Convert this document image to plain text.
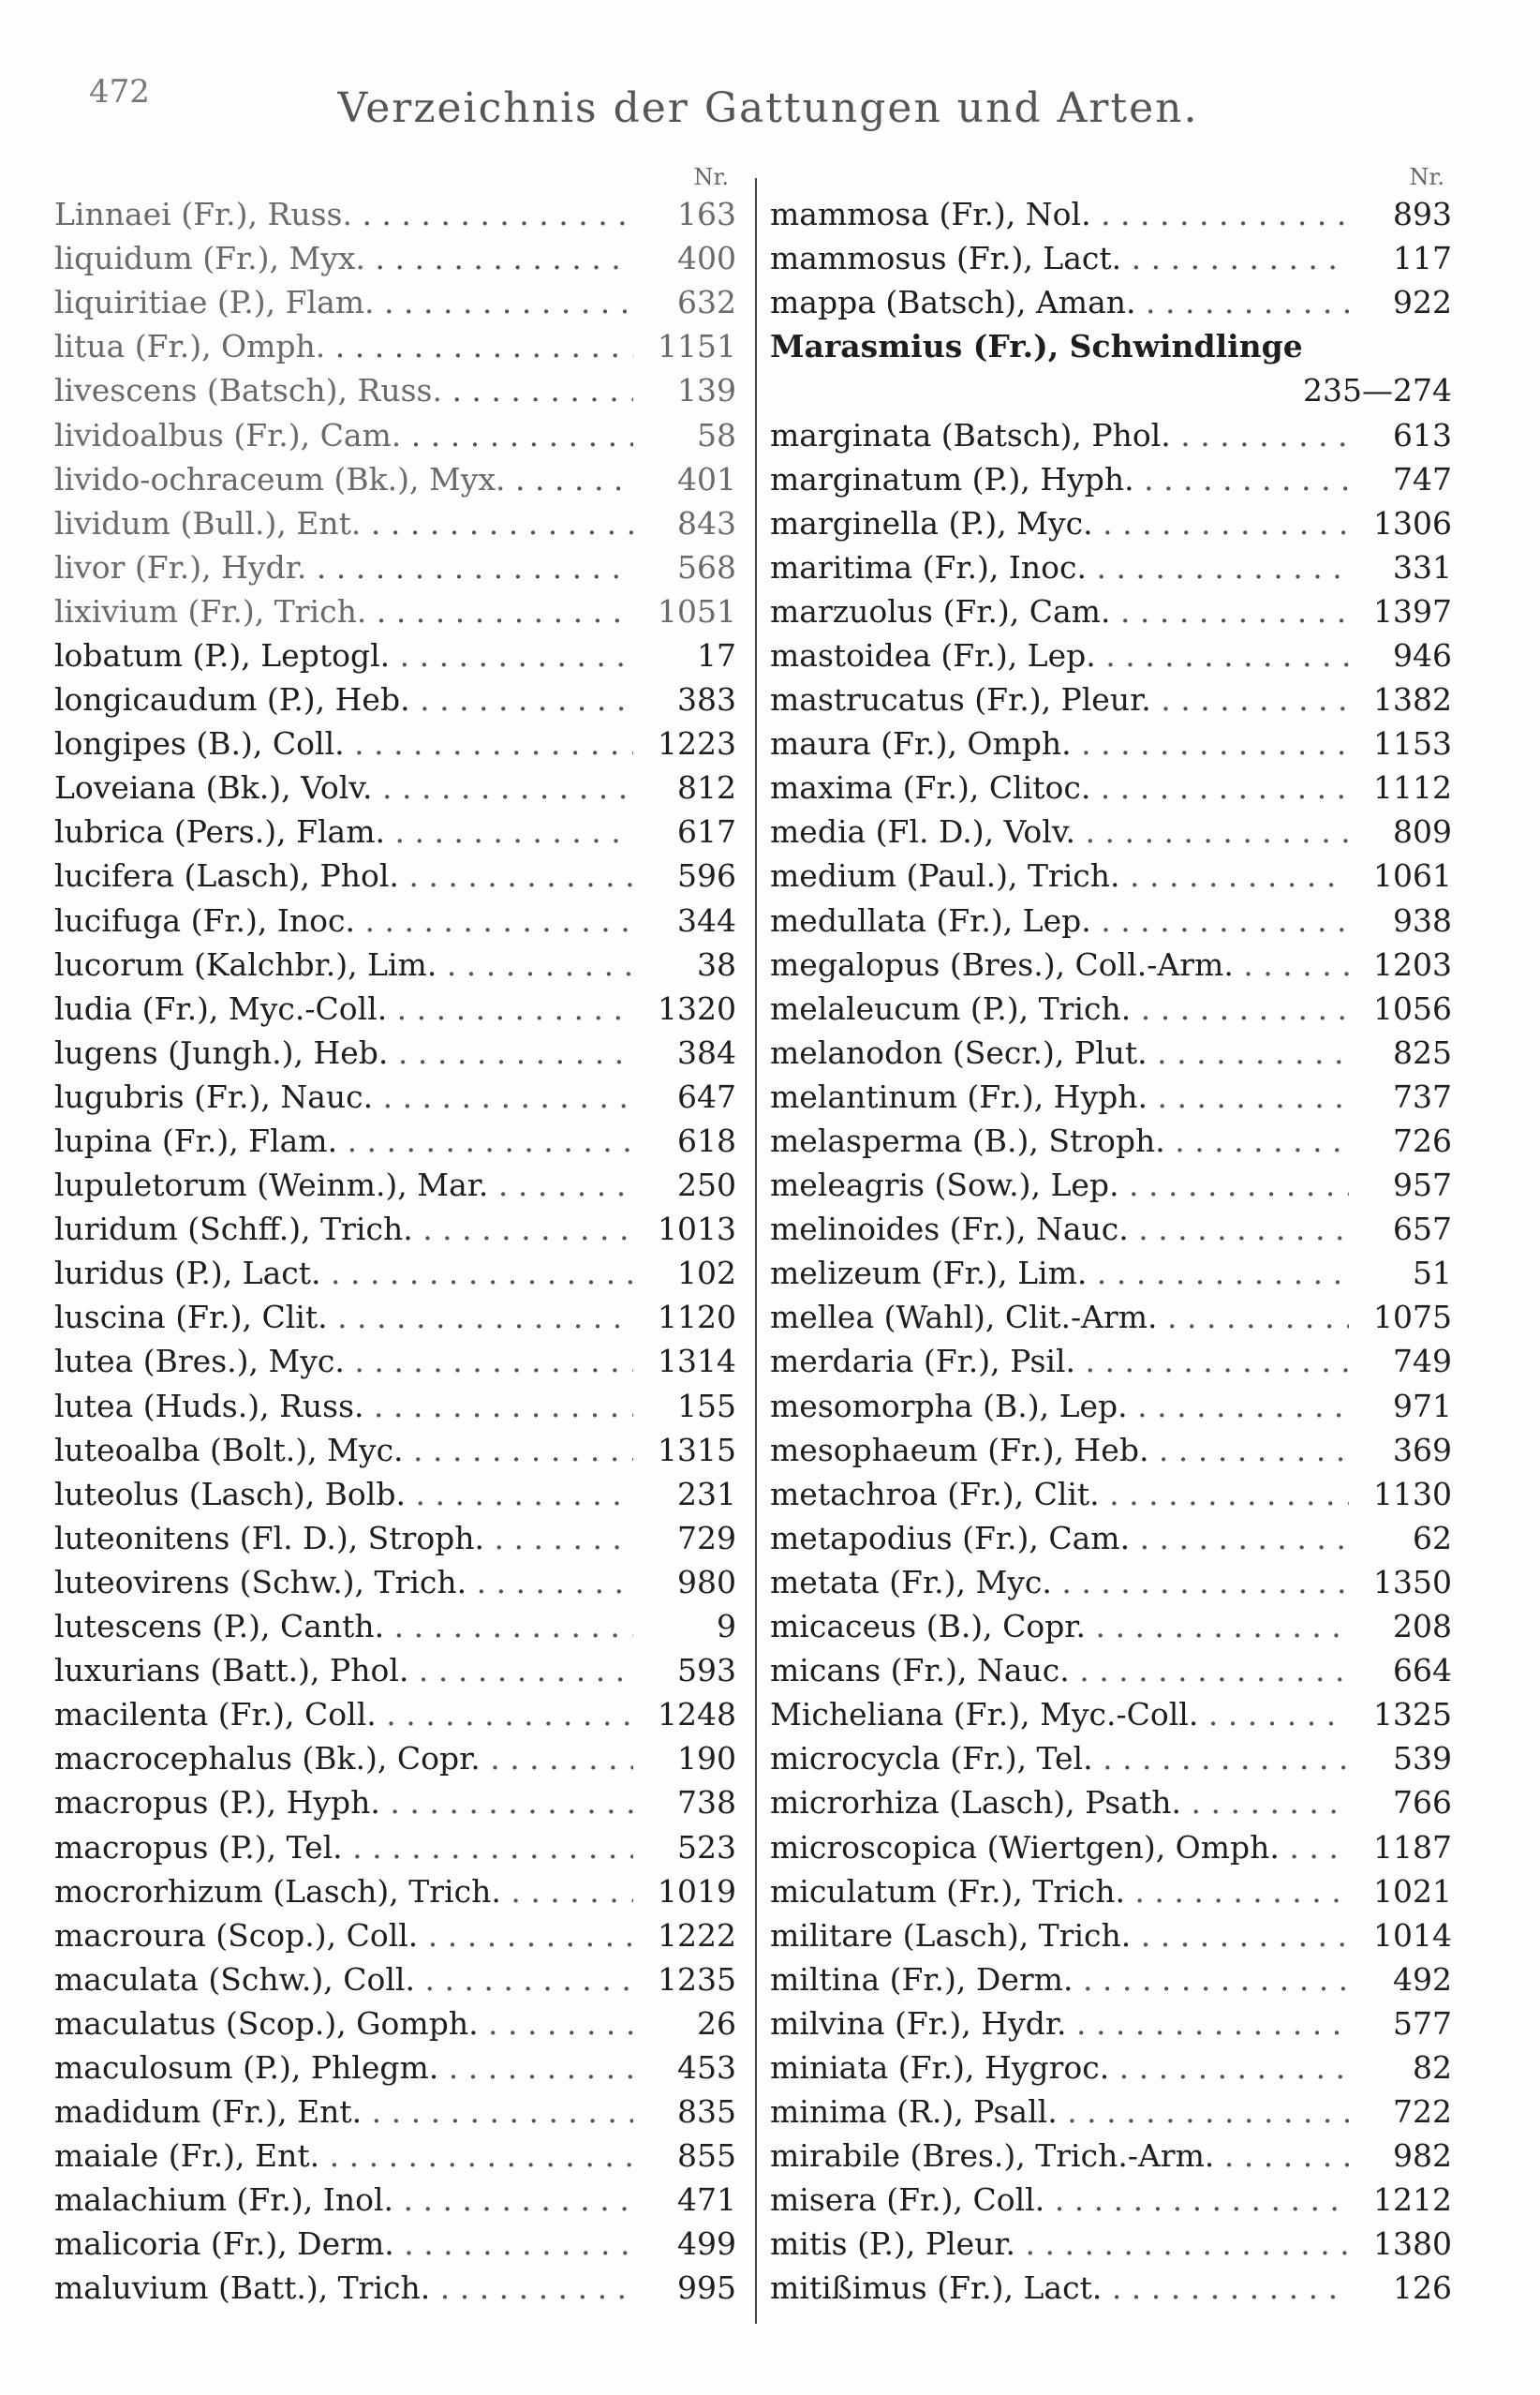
472	Verzeichnis der Gattungen und Arten.
Nr.
Linnaei (Fr.), Russ. . . .	163
liquidum (Fr.), Myx. . . .	400
liquiritiae (P.), Flam. . . .	632
litua (Fr.), Omph. . . .	1151
livescens (Batsch), Russ. . . .	139
lividoalbus (Fr.), Cam. . . .	58
livido-ochraceum (Bk.), Myx. . . .	401
lividum (Bull.), Ent. . . .	843
livor (Fr.), Hydr. . . .	568
lixivium (Fr.), Trich. . . .	1051
lobatum (P.), Leptogl. . . .	17
longicaudum (P.), Heb. . . .	383
longipes (B.), Coll. . . .	1223
Loveiana (Bk.), Volv. . . .	812
lubrica (Pers.), Flam. . . .	617
lucifera (Lasch), Phol. . . .	596
lucifuga (Fr.), Inoc. . . .	344
lucorum (Kalchbr.), Lim. . . .	38
ludia (Fr.), Myc.-Coll. . . .	1320
lugens (Jungh.), Heb. . . .	384
lugubris (Fr.), Nauc. . . .	647
lupina (Fr.), Flam. . . .	618
lupuletorum (Weinm.), Mar. . . .	250
luridum (Schff.), Trich. . . .	1013
luridus (P.), Lact. . . .	102
luscina (Fr.), Clit. . . .	1120
lutea (Bres.), Myc. . . .	1314
lutea (Huds.), Russ. . . .	155
luteoalba (Bolt.), Myc. . . .	1315
luteolus (Lasch), Bolb. . . .	231
luteonitens (Fl. D.), Stroph. . . .	729
luteovirens (Schw.), Trich. . . .	980
lutescens (P.), Canth. . . .	9
luxurians (Batt.), Phol. . . .	593
macilenta (Fr.), Coll. . . .	1248
macrocephalus (Bk.), Copr. . . .	190
macropus (P.), Hyph. . . .	738
macropus (P.), Tel. . . .	523
mocrorhizum (Lasch), Trich. . . .	1019
macroura (Scop.), Coll. . . .	1222
maculata (Schw.), Coll. . . .	1235
maculatus (Scop.), Gomph. . . .	26
maculosum (P.), Phlegm. . . .	453
madidum (Fr.), Ent. . . .	835
maiale (Fr.), Ent. . . .	855
malachium (Fr.), Inol. . . .	471
malicoria (Fr.), Derm. . . .	499
maluvium (Batt.), Trich. . . .	995
Nr.
mammosa (Fr.), Nol. . . .	893
mammosus (Fr.), Lact. . . .	117
mappa (Batsch), Aman. . . .	922
Marasmius (Fr.), Schwindlinge
235—274
marginata (Batsch), Phol. . . .	613
marginatum (P.), Hyph. . . .	747
marginella (P.), Myc. . . .	1306
maritima (Fr.), Inoc. . . .	331
marzuolus (Fr.), Cam. . . .	1397
mastoidea (Fr.), Lep. . . .	946
mastrucatus (Fr.), Pleur. . . .	1382
maura (Fr.), Omph. . . .	1153
maxima (Fr.), Clitoc. . . .	1112
media (Fl. D.), Volv. . . .	809
medium (Paul.), Trich. . . .	1061
medullata (Fr.), Lep. . . .	938
megalopus (Bres.), Coll.-Arm. . . .	1203
melaleucum (P.), Trich. . . .	1056
melanodon (Secr.), Plut. . . .	825
melantinum (Fr.), Hyph. . . .	737
melasperma (B.), Stroph. . . .	726
meleagris (Sow.), Lep. . . .	957
melinoides (Fr.), Nauc. . . .	657
melizeum (Fr.), Lim. . . .	51
mellea (Wahl), Clit.-Arm. . . .	1075
merdaria (Fr.), Psil. . . .	749
mesomorpha (B.), Lep. . . .	971
mesophaeum (Fr.), Heb. . . .	369
metachroa (Fr.), Clit. . . .	1130
metapodius (Fr.), Cam. . . .	62
metata (Fr.), Myc. . . .	1350
micaceus (B.), Copr. . . .	208
micans (Fr.), Nauc. . . .	664
Micheliana (Fr.), Myc.-Coll. . . .	1325
microcycla (Fr.), Tel. . . .	539
microrhiza (Lasch), Psath. . . .	766
microscopica (Wiertgen), Omph. . . .	1187
miculatum (Fr.), Trich. . . .	1021
militare (Lasch), Trich. . . .	1014
miltina (Fr.), Derm. . . .	492
milvina (Fr.), Hydr. . . .	577
miniata (Fr.), Hygroc. . . .	82
minima (R.), Psall. . . .	722
mirabile (Bres.), Trich.-Arm. . . .	982
misera (Fr.), Coll. . . .	1212
mitis (P.), Pleur. . . .	1380
mitißimus (Fr.), Lact. . . .	126
